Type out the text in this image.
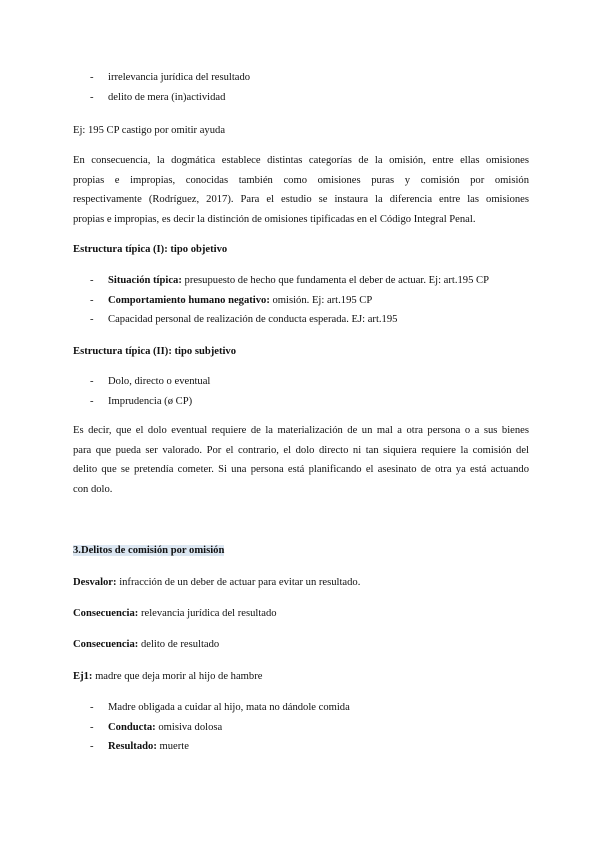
- irrelevancia jurídica del resultado
- delito de mera (in)actividad

Ej: 195 CP castigo por omitir ayuda

En consecuencia, la dogmática establece distintas categorías de la omisión, entre ellas omisiones
propias e impropias, conocidas también como omisiones puras y comisión por omisión
respectivamente (Rodríguez, 2017). Para el estudio se instaura la diferencia entre las omisiones
propias e impropias, es decir la distinción de omisiones tipificadas en el Código Integral Penal.

Estructura típica (I): tipo objetivo

- Situación típica: presupuesto de hecho que fundamenta el deber de actuar. Ej: art.195 CP
- Comportamiento humano negativo: omisión. Ej: art.195 CP
- Capacidad personal de realización de conducta esperada. EJ: art.195

Estructura típica (II): tipo subjetivo

- Dolo, directo o eventual
- Imprudencia (ø CP)
Es decir, que el dolo eventual requiere de la materialización de un mal a otra persona o a sus bienes
para que pueda ser valorado. Por el contrario, el dolo directo ni tan siquiera requiere la comisión del
delito que se pretendía cometer. Si una persona está planificando el asesinato de otra ya está actuando
con dolo.

3.Delitos de comisión por omisión

Desvalor: infracción de un deber de actuar para evitar un resultado.

Consecuencia: relevancia jurídica del resultado

Consecuencia: delito de resultado

Ej1: madre que deja morir al hijo de hambre

- Madre obligada a cuidar al hijo, mata no dándole comida
- Conducta: omisiva dolosa
- Resultado: muerte
